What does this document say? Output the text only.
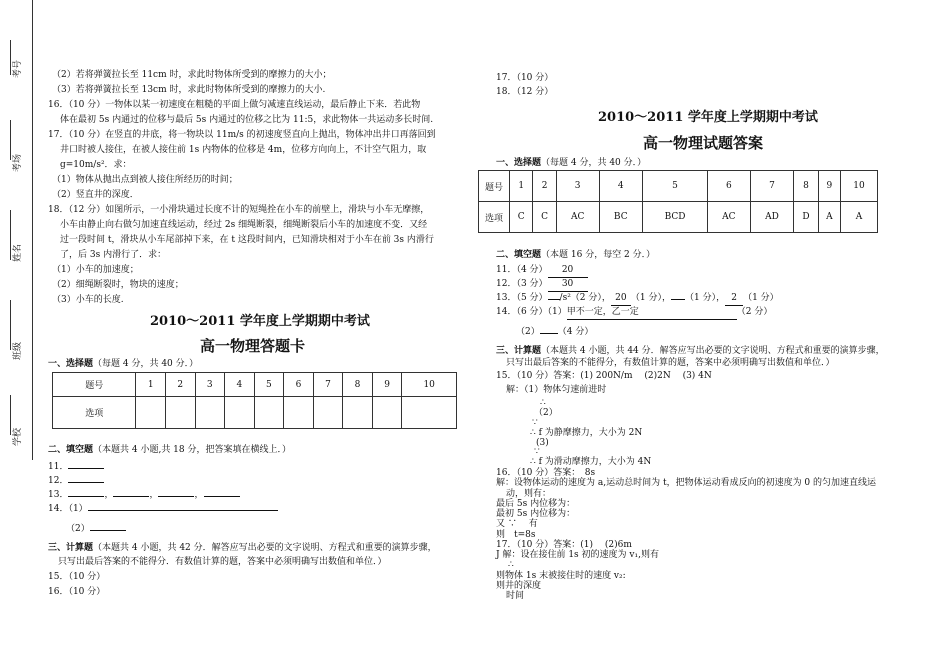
考号
考场
姓名
班级
学校
（2）若将弹簧拉长至 11cm 时，求此时物体所受到的摩擦力的大小；
（3）若将弹簧拉长至 13cm 时，求此时物体所受到的摩擦力的大小.
16．（10 分）一物体以某一初速度在粗糙的平面上做匀减速直线运动，最后静止下来．若此物
体在最初 5s 内通过的位移与最后 5s 内通过的位移之比为 11:5，求此物体一共运动多长时间.
17．（10 分）在竖直的井底，将一物块以 11m/s 的初速度竖直向上抛出，物体冲出井口再落回到
井口时被人接住，在被人接住前 1s 内物体的位移是 4m，位移方向向上，不计空气阻力，取
g=10m/s²．求：
（1）物体从抛出点到被人接住所经历的时间；
（2）竖直井的深度．
18．（12 分）如图所示，一小滑块通过长度不计的短绳拴在小车的前壁上，滑块与小车无摩擦，
小车由静止向右做匀加速直线运动，经过 2s 细绳断裂，细绳断裂后小车的加速度不变．又经
过一段时间 t，滑块从小车尾部掉下来，在 t 这段时间内，已知滑块相对于小车在前 3s 内滑行
了，后 3s 内滑行了．求：
（1）小车的加速度；
（2）细绳断裂时，物块的速度；
（3）小车的长度.
2010～2011 学年度上学期期中考试
高一物理答题卡
一、选择题（每题 4 分，共 40 分．）
题号	1	2	3	4	5	6	7	8	9	10
选项										
二、填空题（本题共 4 小题,共 18 分，把答案填在横线上．）
11．
12．
13．	，	，	，
14．（1）
（2）
三、计算题（本题共 4 小题，共 42 分．解答应写出必要的文字说明、方程式和重要的演算步骤，
只写出最后答案的不能得分．有数值计算的题，答案中必须明确写出数值和单位．）
15．（10 分）
16．（10 分）
17．（10 分）
18．（12 分）
2010～2011 学年度上学期期中考试
高一物理试题答案
一、选择题（每题 4 分，共 40 分．）
题号	1	2	3	4	5	6	7	8	9	10
选项	C	C	AC	BC	BCD	AC	AD	D	A	A
二、填空题（本题 16 分，每空 2 分．）
11．（4 分） 20
12．（3 分） 30
13．（5 分） /s²（2 分）， 20 （1 分）， （1 分）， 2 （1 分）
14．（6 分）（1）甲不一定，乙一定	（2 分）
（2） （4 分）
三、计算题（本题共 4 小题，共 44 分．解答应写出必要的文字说明、方程式和重要的演算步骤，
只写出最后答案的不能得分，有数值计算的题，答案中必须明确写出数值和单位．）
15．（10 分）答案：(1) 200N/m　 (2)2N　 (3) 4N
解：（1）物体匀速前进时
∴
（2）
∵
∴ f 为静摩擦力，大小为 2N
(3)
∵
∴ f 为滑动摩擦力，大小为 4N
16．（10 分）答案：　8s
解：设物体运动的速度为 a,运动总时间为 t，把物体运动看成反向的初速度为 0 的匀加速直线运
动，则有：
最后 5s 内位移为：
最初 5s 内位移为：
又 ∵　 有
则　t=8s
17．（10 分）答案：(1)　 (2)6m
J 解：设在接住前 1s 初的速度为 v₁,则有
∴
则物体 1s 末被接住时的速度 v₂:
则井的深度
时间
